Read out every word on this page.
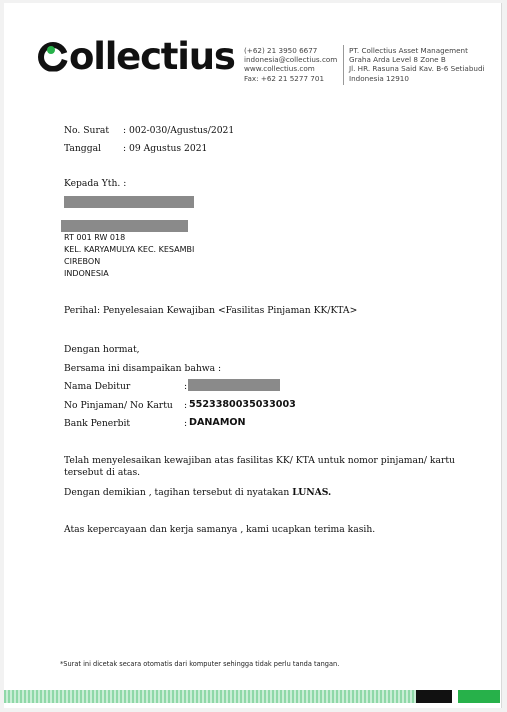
ollectius (+62) 21 3950 6677
indonesia@collectius.com
www.collectius.com
Fax: +62 21 5277 701
PT. Collectius Asset Management
Graha Arda Level 8 Zone B
Jl. HR. Rasuna Said Kav. B-6 Setiabudi
Indonesia 12910
No. Surat : 002-030/Agustus/2021
Tanggal : 09 Agustus 2021
Kepada Yth. :
RT 001 RW 018
KEL. KARYAMULYA KEC. KESAMBI
CIREBON
INDONESIA
Perihal : Penyelesaian Kewajiban <Fasilitas Pinjaman KK/KTA>
Dengan hormat,
Bersama ini disampaikan bahwa :
Nama Debitur	:
No Pinjaman/ No Kartu : 5523380035033003
Bank Penerbit	: DANAMON
Telah menyelesaikan kewajiban atas fasilitas KK/ KTA untuk nomor pinjaman/ kartu
tersebut di atas.
Dengan demikian , tagihan tersebut di nyatakan LUNAS.
Atas kepercayaan dan kerja samanya , kami ucapkan terima kasih.
*Surat ini dicetak secara otomatis dari komputer sehingga tidak perlu tanda tangan.
